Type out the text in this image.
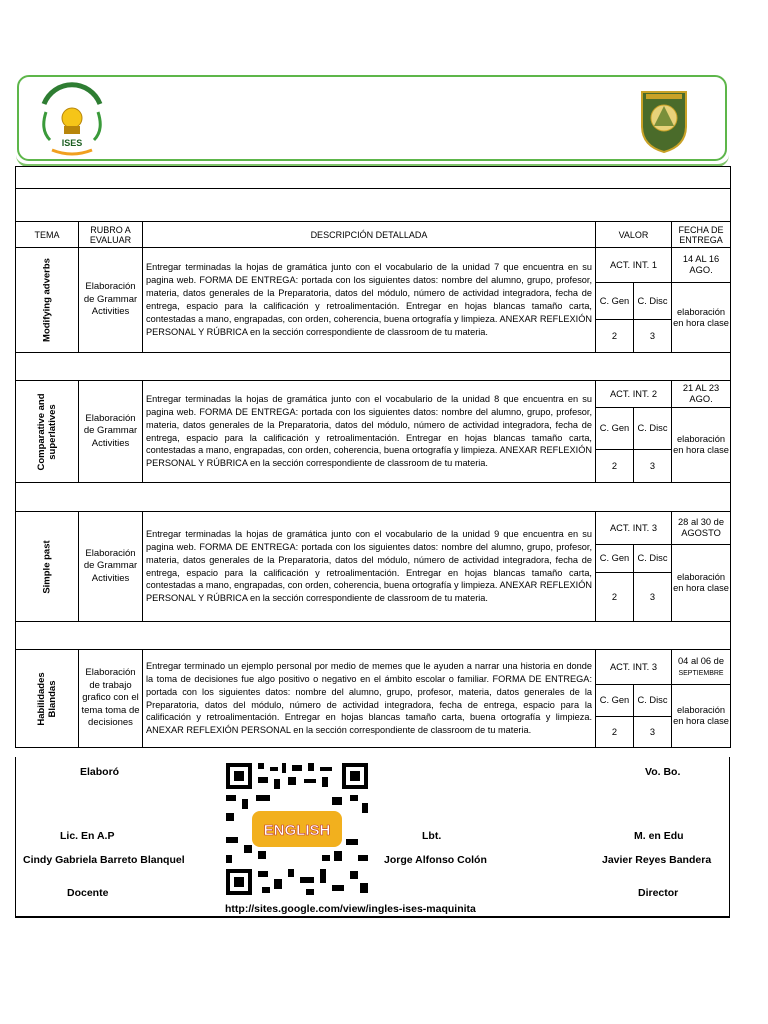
ISES

TEMA	RUBRO A EVALUAR	DESCRIPCIÓN DETALLADA	VALOR		FECHA DE ENTREGA

Modifying adverbs	Elaboración de Grammar Activities	Entregar terminadas la hojas de gramática junto con el vocabulario de la unidad 7 que encuentra en su pagina web. FORMA DE ENTREGA: portada con los siguientes datos: nombre del alumno, grupo, profesor, materia, datos generales de la Preparatoria, datos del módulo, número de actividad integradora, fecha de entrega, espacio para la calificación y retroalimentación. Entregar en hojas blancas tamaño carta, contestadas a mano, engrapadas, con orden, coherencia, buena ortografía y limpieza. ANEXAR REFLEXIÓN PERSONAL Y RÚBRICA en la sección correspondiente de classroom de tu materia.	ACT. INT. 1		14 AL 16 AGO.
			C. Gen	C. Disc	elaboración en hora clase
			2	3	

Comparative and superlatives	Elaboración de Grammar Activities	Entregar terminadas la hojas de gramática junto con el vocabulario de la unidad 8 que encuentra en su pagina web. FORMA DE ENTREGA: portada con los siguientes datos: nombre del alumno, grupo, profesor, materia, datos generales de la Preparatoria, datos del módulo, número de actividad integradora, fecha de entrega, espacio para la calificación y retroalimentación. Entregar en hojas blancas tamaño carta, contestadas a mano, engrapadas, con orden, coherencia, buena ortografía y limpieza. ANEXAR REFLEXIÓN PERSONAL Y RÚBRICA en la sección correspondiente de classroom de tu materia.	ACT. INT. 2		21 AL 23 AGO.
			C. Gen	C. Disc	elaboración en hora clase
			2	3	

Simple past	Elaboración de Grammar Activities	Entregar terminadas la hojas de gramática junto con el vocabulario de la unidad 9 que encuentra en su pagina web. FORMA DE ENTREGA: portada con los siguientes datos: nombre del alumno, grupo, profesor, materia, datos generales de la Preparatoria, datos del módulo, número de actividad integradora, fecha de entrega, espacio para la calificación y retroalimentación. Entregar en hojas blancas tamaño carta, contestadas a mano, engrapadas, con orden, coherencia, buena ortografía y limpieza. ANEXAR REFLEXIÓN PERSONAL Y RÚBRICA en la sección correspondiente de classroom de tu materia.	ACT. INT. 3		28 al 30 de AGOSTO
			C. Gen	C. Disc	elaboración en hora clase
			2	3	

Habilidades Blandas	Elaboración de trabajo grafico con el tema toma de decisiones	Entregar terminado un ejemplo personal por medio de memes que le ayuden a narrar una historia en donde la toma de decisiones fue algo positivo o negativo en el ámbito escolar o familiar. FORMA DE ENTREGA: portada con los siguientes datos: nombre del alumno, grupo, profesor, materia, datos generales de la Preparatoria, datos del módulo, número de actividad integradora, fecha de entrega, espacio para la calificación y retroalimentación. Entregar en hojas blancas tamaño carta, buena ortografía y limpieza. ANEXAR REFLEXIÓN PERSONAL en la sección correspondiente de classroom de tu materia.	ACT. INT. 3		04 al 06 de
SEPTIEMBRE
			C. Gen	C. Disc	elaboración en hora clase
			2	3	
Elaboró	Vo. Bo.
Lic. En A.P
Cindy Gabriela Barreto Blanquel
Docente
Lbt.
Jorge Alfonso Colón
M. en Edu
Javier Reyes Bandera
Director
ENGLISH
http://sites.google.com/view/ingles-ises-maquinita
